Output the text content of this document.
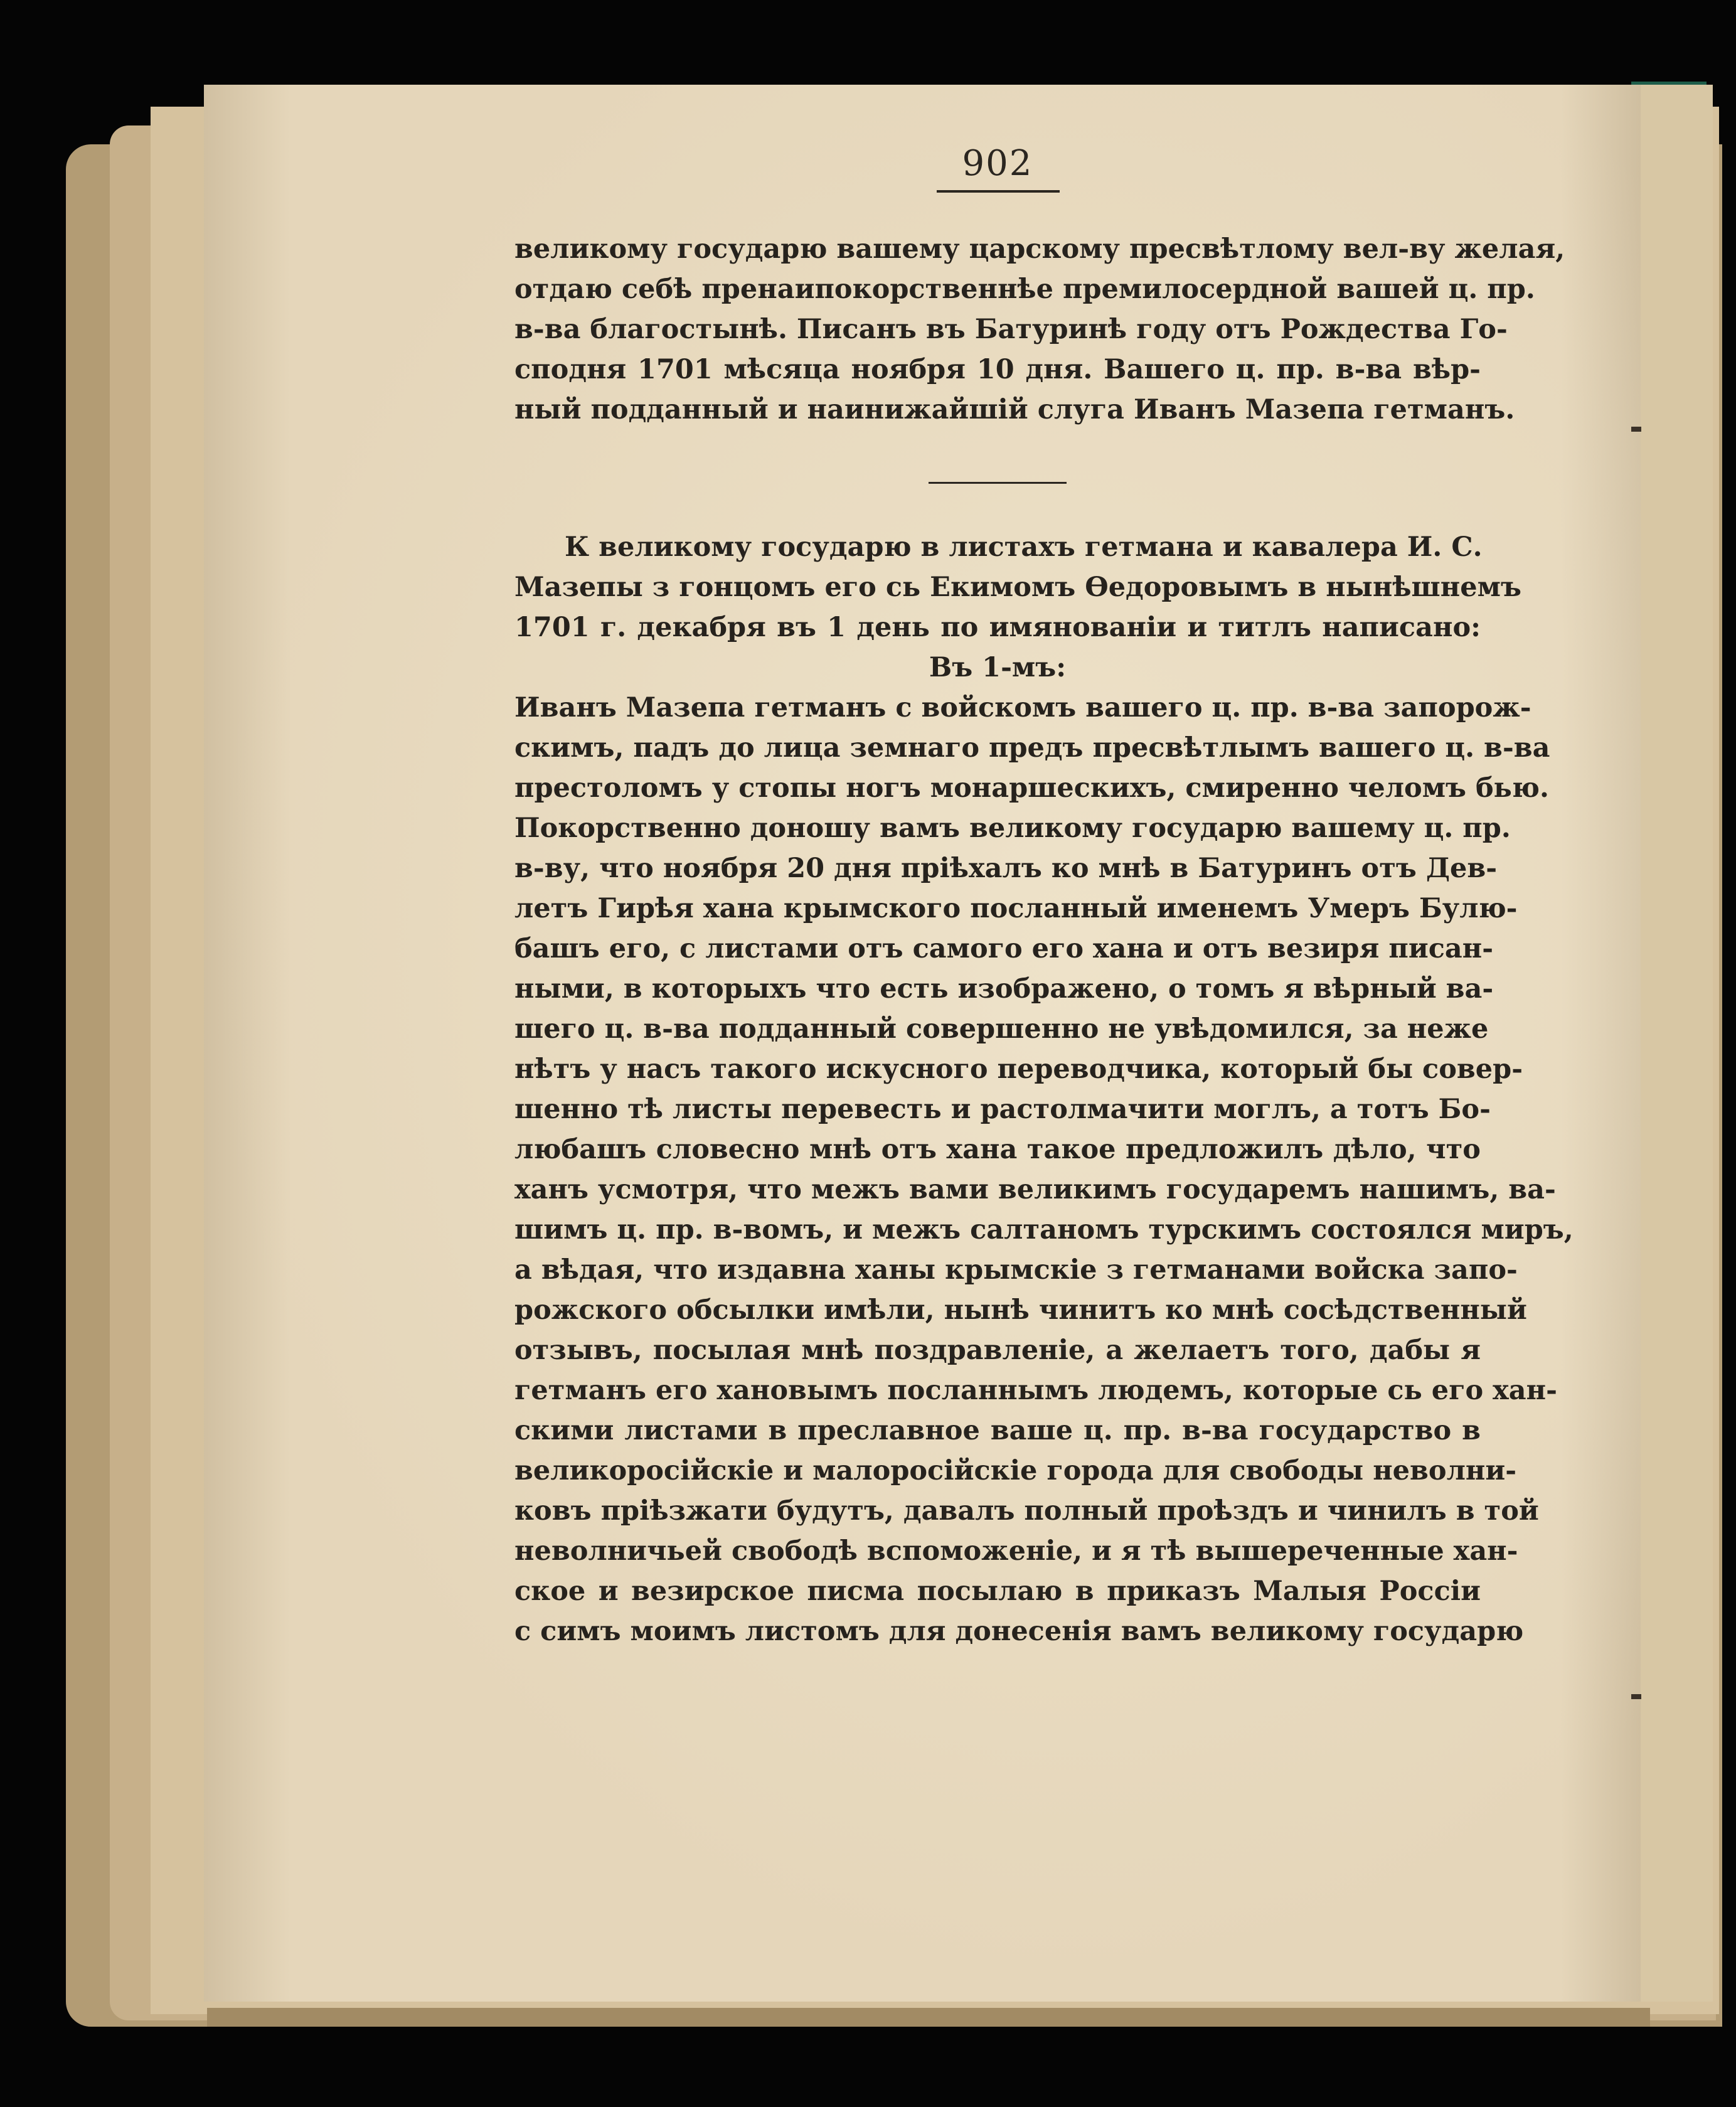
902
великому государю вашему царскому пресвѣтлому вел-ву желая,
отдаю себѣ пренаипокорственнѣе премилосердной вашей ц. пр.
в-ва благостынѣ. Писанъ въ Батуринѣ году отъ Рождества Го-
сподня 1701 мѣсяца ноября 10 дня. Вашего ц. пр. в-ва вѣр-
ный подданный и наинижайшій слуга Иванъ Мазепа гетманъ.
К великому государю в листахъ гетмана и кавалера И. С.
Мазепы з гонцомъ его сь Екимомъ Ѳедоровымъ в нынѣшнемъ
1701 г. декабря въ 1 день по имянованіи и титлъ написано:
Въ 1-мъ:
Иванъ Мазепа гетманъ с войскомъ вашего ц. пр. в-ва запорож-
скимъ, падъ до лица земнаго предъ пресвѣтлымъ вашего ц. в-ва
престоломъ у стопы ногъ монаршескихъ, смиренно челомъ бью.
Покорственно доношу вамъ великому государю вашему ц. пр.
в-ву, что ноября 20 дня пріѣхалъ ко мнѣ в Батуринъ отъ Дев-
летъ Гирѣя хана крымского посланный именемъ Умеръ Булю-
башъ его, с листами отъ самого его хана и отъ везиря писан-
ными, в которыхъ что есть изображено, о томъ я вѣрный ва-
шего ц. в-ва подданный совершенно не увѣдомился, за неже
нѣтъ у насъ такого искусного переводчика, который бы совер-
шенно тѣ листы перевесть и растолмачити моглъ, а тотъ Бо-
любашъ словесно мнѣ отъ хана такое предложилъ дѣло, что
ханъ усмотря, что межъ вами великимъ государемъ нашимъ, ва-
шимъ ц. пр. в-вомъ, и межъ салтаномъ турскимъ состоялся миръ,
а вѣдая, что издавна ханы крымскіе з гетманами войска запо-
рожского обсылки имѣли, нынѣ чинитъ ко мнѣ сосѣдственный
отзывъ, посылая мнѣ поздравленіе, а желаетъ того, дабы я
гетманъ его хановымъ посланнымъ людемъ, которые сь его хан-
скими листами в преславное ваше ц. пр. в-ва государство в
великоросійскіе и малоросійскіе города для свободы неволни-
ковъ пріѣзжати будутъ, давалъ полный проѣздъ и чинилъ в той
неволничьей свободѣ вспоможеніе, и я тѣ вышереченные хан-
ское и везирское писма посылаю в приказъ Малыя Россіи
с симъ моимъ листомъ для донесенія вамъ великому государю
